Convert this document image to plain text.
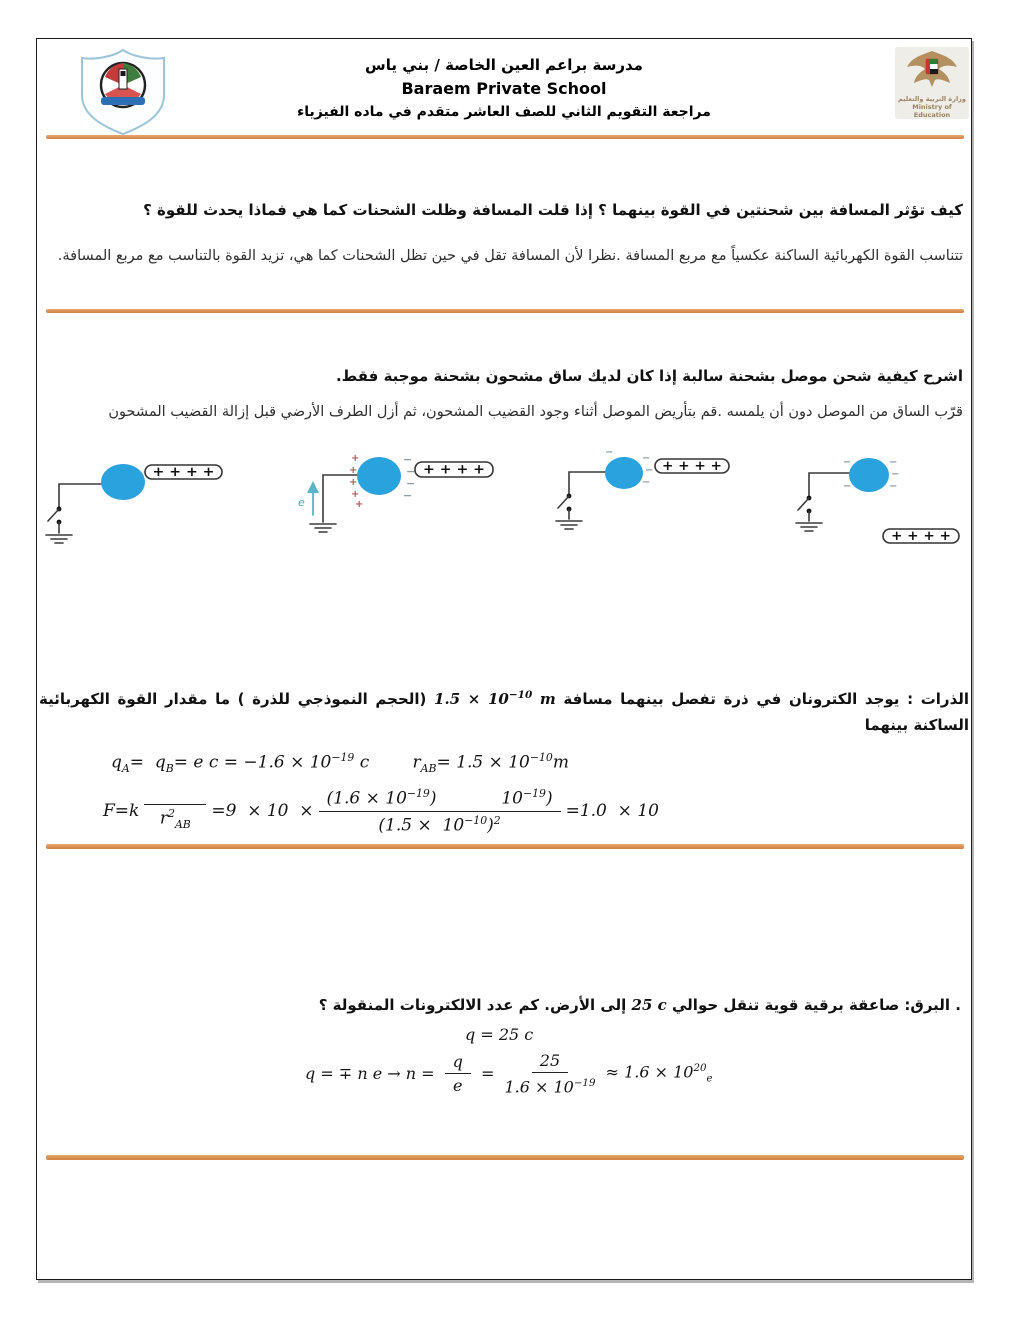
مدرسة براعم العين الخاصة / بني ياس
Baraem Private School
مراجعة التقويم الثاني للصف العاشر متقدم في ماده الفيزياء
وزارة التربية والتعليم
Ministry of Education
كيف تؤثر المسافة بين شحنتين في القوة بينهما ؟ إذا قلت المسافة وظلت الشحنات كما هي فماذا يحدث للقوة ؟
تتناسب القوة الكهربائية الساكنة عكسياً مع مربع المسافة .نظرا لأن المسافة تقل في حين تظل الشحنات كما هي، تزيد القوة بالتناسب مع مربع المسافة.
اشرح كيفية شحن موصل بشحنة سالبة إذا كان لديك ساق مشحون بشحنة موجبة فقط.
قرّب الساق من الموصل دون أن يلمسه .قم بتأريض الموصل أثناء وجود القضيب المشحون، ثم أزل الطرف الأرضي قبل إزالة القضيب المشحون
+ + + +
e
+
+
+
+
+
−
−
−
−
+ + + +
−
−
−
−
+ + + +	−
−
−
−
−
+ + + +
الذرات : يوجد الكترونان في ذرة تفصل بينهما مسافة $1.5 \times 10^{-10}$ m (الحجم النموذجي للذرة ) ما مقدار القوة الكهربائية الساكنة بينهما
$q_A= q_B= e$ $c = -1.6 \times 10^{-19}$ c	$r_{AB}= 1.5 \times 10^{-10}m$
F=k $r^2_{AB}$
$=9 \times 10 \times \frac{(1.6 \times 10^{-19}) 10^{-19})}{(1.5 \times 10^{-10})^2} =1.0 \times 10$
. البرق: صاعقة برقية قوية تنقل حوالي 25 c إلى الأرض. كم عدد الالكترونات المنقولة ؟
q = 25 c
q = ∓ n $e \to n = \frac{q}{e} = \frac{25}{1.6 \times 10^{-19}} \approx 1.6 \times 10^{20}_e$
